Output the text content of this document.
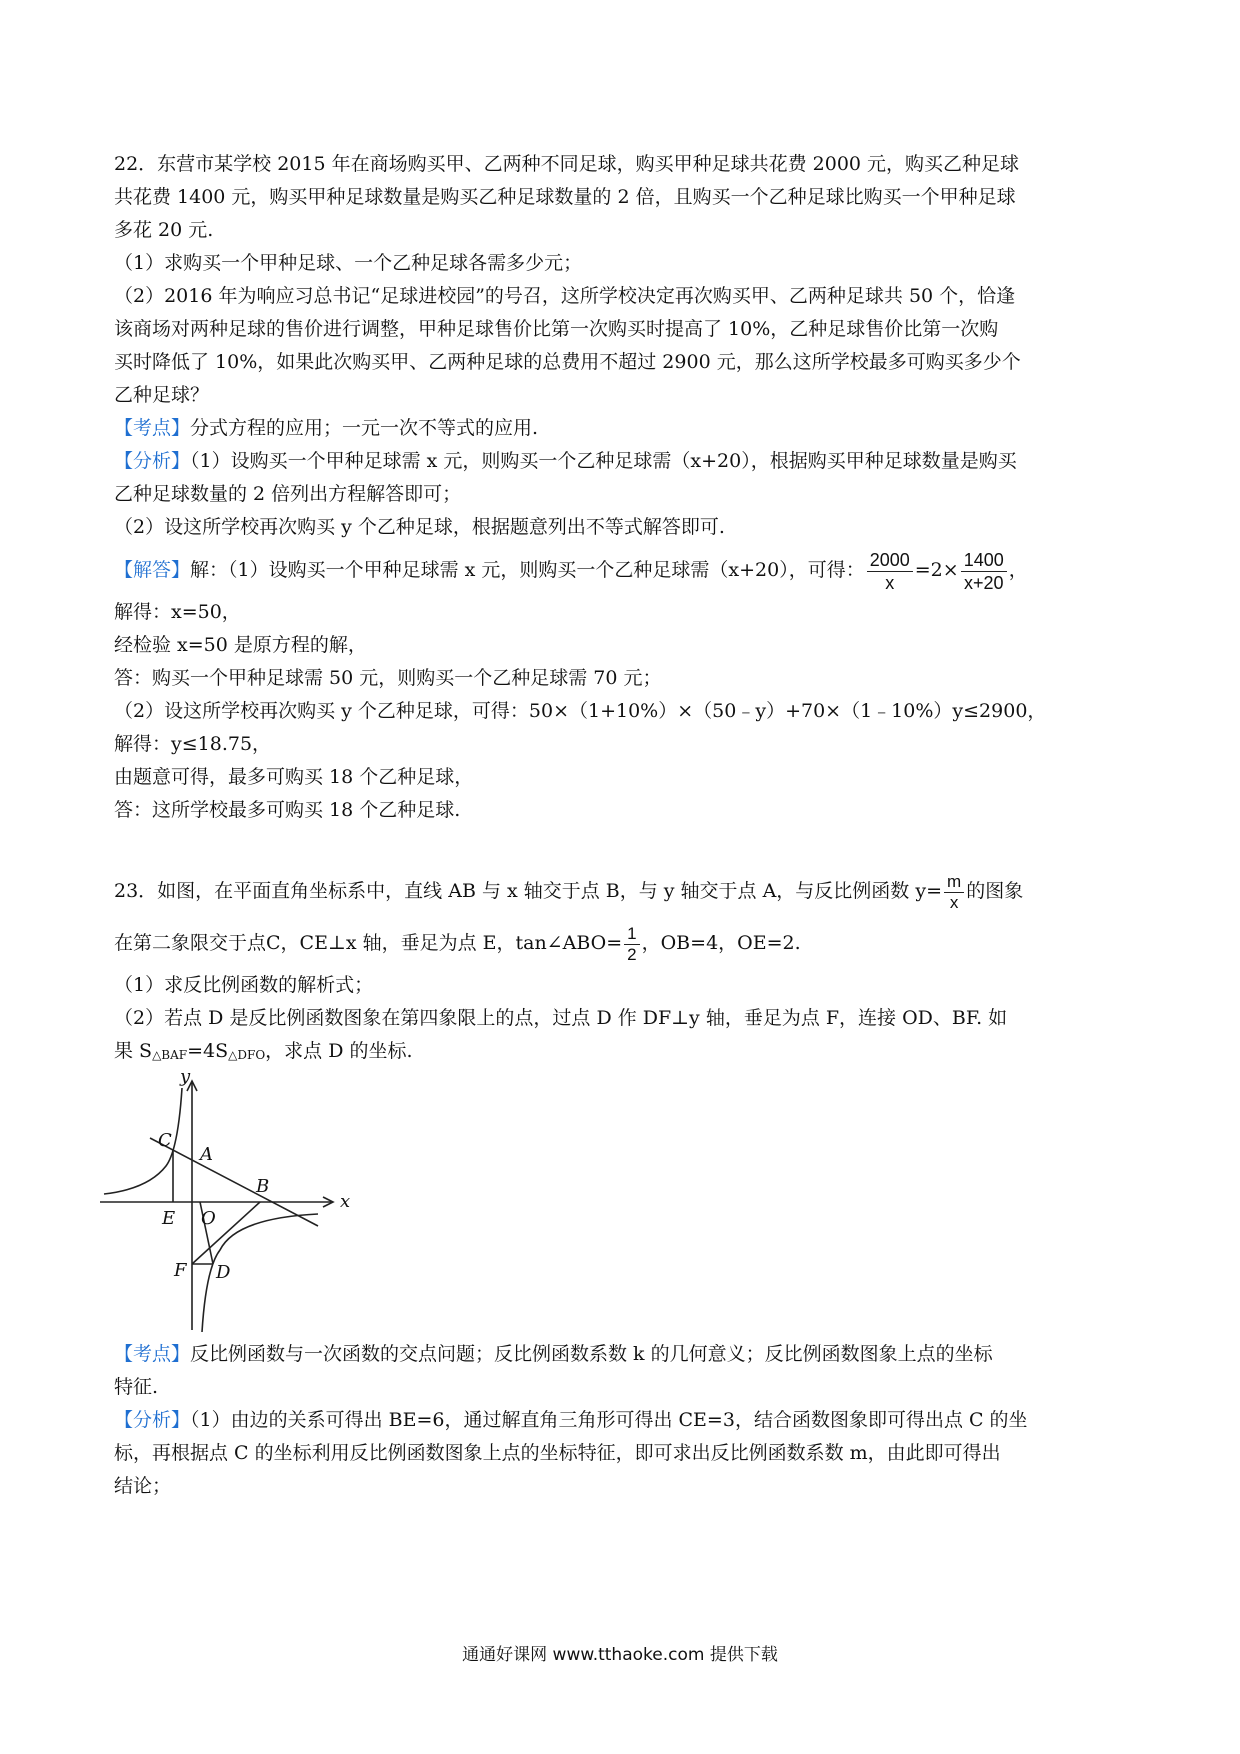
22．东营市某学校 2015 年在商场购买甲、乙两种不同足球，购买甲种足球共花费 2000 元，购买乙种足球
共花费 1400 元，购买甲种足球数量是购买乙种足球数量的 2 倍，且购买一个乙种足球比购买一个甲种足球
多花 20 元.
（1）求购买一个甲种足球、一个乙种足球各需多少元；
（2）2016 年为响应习总书记“足球进校园”的号召，这所学校决定再次购买甲、乙两种足球共 50 个，恰逢
该商场对两种足球的售价进行调整，甲种足球售价比第一次购买时提高了 10%，乙种足球售价比第一次购
买时降低了 10%，如果此次购买甲、乙两种足球的总费用不超过 2900 元，那么这所学校最多可购买多少个
乙种足球？
【考点】分式方程的应用；一元一次不等式的应用.
【分析】（1）设购买一个甲种足球需 x 元，则购买一个乙种足球需（x+20），根据购买甲种足球数量是购买
乙种足球数量的 2 倍列出方程解答即可；
（2）设这所学校再次购买 y 个乙种足球，根据题意列出不等式解答即可.
【解答】解：（1）设购买一个甲种足球需 x 元，则购买一个乙种足球需（x+20），可得： $\frac{2000}{x} =2\times \frac{1400}{x+20}$ ，
解得：x=50，
经检验 x=50 是原方程的解，
答：购买一个甲种足球需 50 元，则购买一个乙种足球需 70 元；
（2）设这所学校再次购买 y 个乙种足球，可得：50×（1+10%）×（50﹣y）+70×（1﹣10%）y≤2900，
解得：y≤18.75，
由题意可得，最多可购买 18 个乙种足球，
答：这所学校最多可购买 18 个乙种足球.
23．如图，在平面直角坐标系中，直线 AB 与 x 轴交于点 B，与 y 轴交于点 A，与反比例函数 $y= \frac{m}{x}$ 的图象
在第二象限交于点C，CE⊥x 轴，垂足为点 E，tan∠ABO= $\frac{1}{2}$ ，OB=4，OE=2.
（1）求反比例函数的解析式；
（2）若点 D 是反比例函数图象在第四象限上的点，过点 D 作 DF⊥y 轴，垂足为点 F，连接 OD、BF. 如
果 S△BAF=4S△DFO，求点 D 的坐标.
y
x
C
A
B
E O
F D
【考点】反比例函数与一次函数的交点问题；反比例函数系数 k 的几何意义；反比例函数图象上点的坐标
特征.
【分析】（1）由边的关系可得出 BE=6，通过解直角三角形可得出 CE=3，结合函数图象即可得出点 C 的坐
标，再根据点 C 的坐标利用反比例函数图象上点的坐标特征，即可求出反比例函数系数 m，由此即可得出
结论；
通通好课网 www.tthaoke.com 提供下载
